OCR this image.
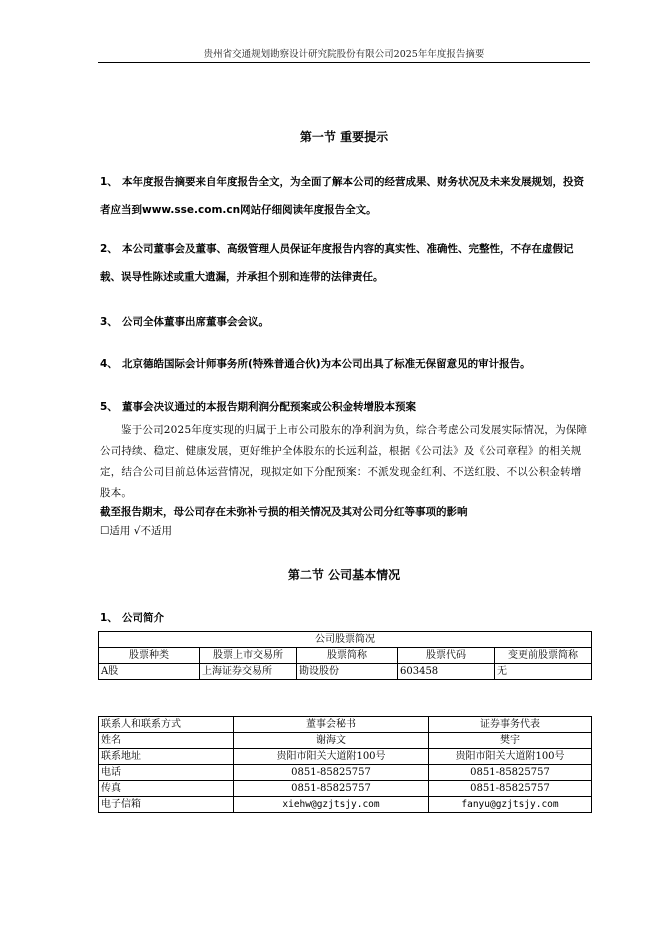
贵州省交通规划勘察设计研究院股份有限公司2025年年度报告摘要
第一节 重要提示
1、 本年度报告摘要来自年度报告全文，为全面了解本公司的经营成果、财务状况及未来发展规划，投资者应当到www.sse.com.cn网站仔细阅读年度报告全文。
2、 本公司董事会及董事、高级管理人员保证年度报告内容的真实性、准确性、完整性，不存在虚假记载、误导性陈述或重大遗漏，并承担个别和连带的法律责任。
3、 公司全体董事出席董事会会议。
4、 北京德皓国际会计师事务所(特殊普通合伙)为本公司出具了标准无保留意见的审计报告。
5、 董事会决议通过的本报告期利润分配预案或公积金转增股本预案
鉴于公司2025年度实现的归属于上市公司股东的净利润为负，综合考虑公司发展实际情况，为保障公司持续、稳定、健康发展，更好维护全体股东的长远利益，根据《公司法》及《公司章程》的相关规定，结合公司目前总体运营情况，现拟定如下分配预案：不派发现金红利、不送红股、不以公积金转增股本。
截至报告期末，母公司存在未弥补亏损的相关情况及其对公司分红等事项的影响
☐适用 √不适用
第二节 公司基本情况
1、 公司简介
公司股票简况				
股票种类	股票上市交易所	股票简称	股票代码	变更前股票简称
A股	上海证券交易所	勘设股份	603458	无
联系人和联系方式	董事会秘书	证券事务代表
姓名	谢海文	樊宇
联系地址	贵阳市阳关大道附100号	贵阳市阳关大道附100号
电话	0851-85825757	0851-85825757
传真	0851-85825757	0851-85825757
电子信箱	xiehw@gzjtsjy.com	fanyu@gzjtsjy.com
